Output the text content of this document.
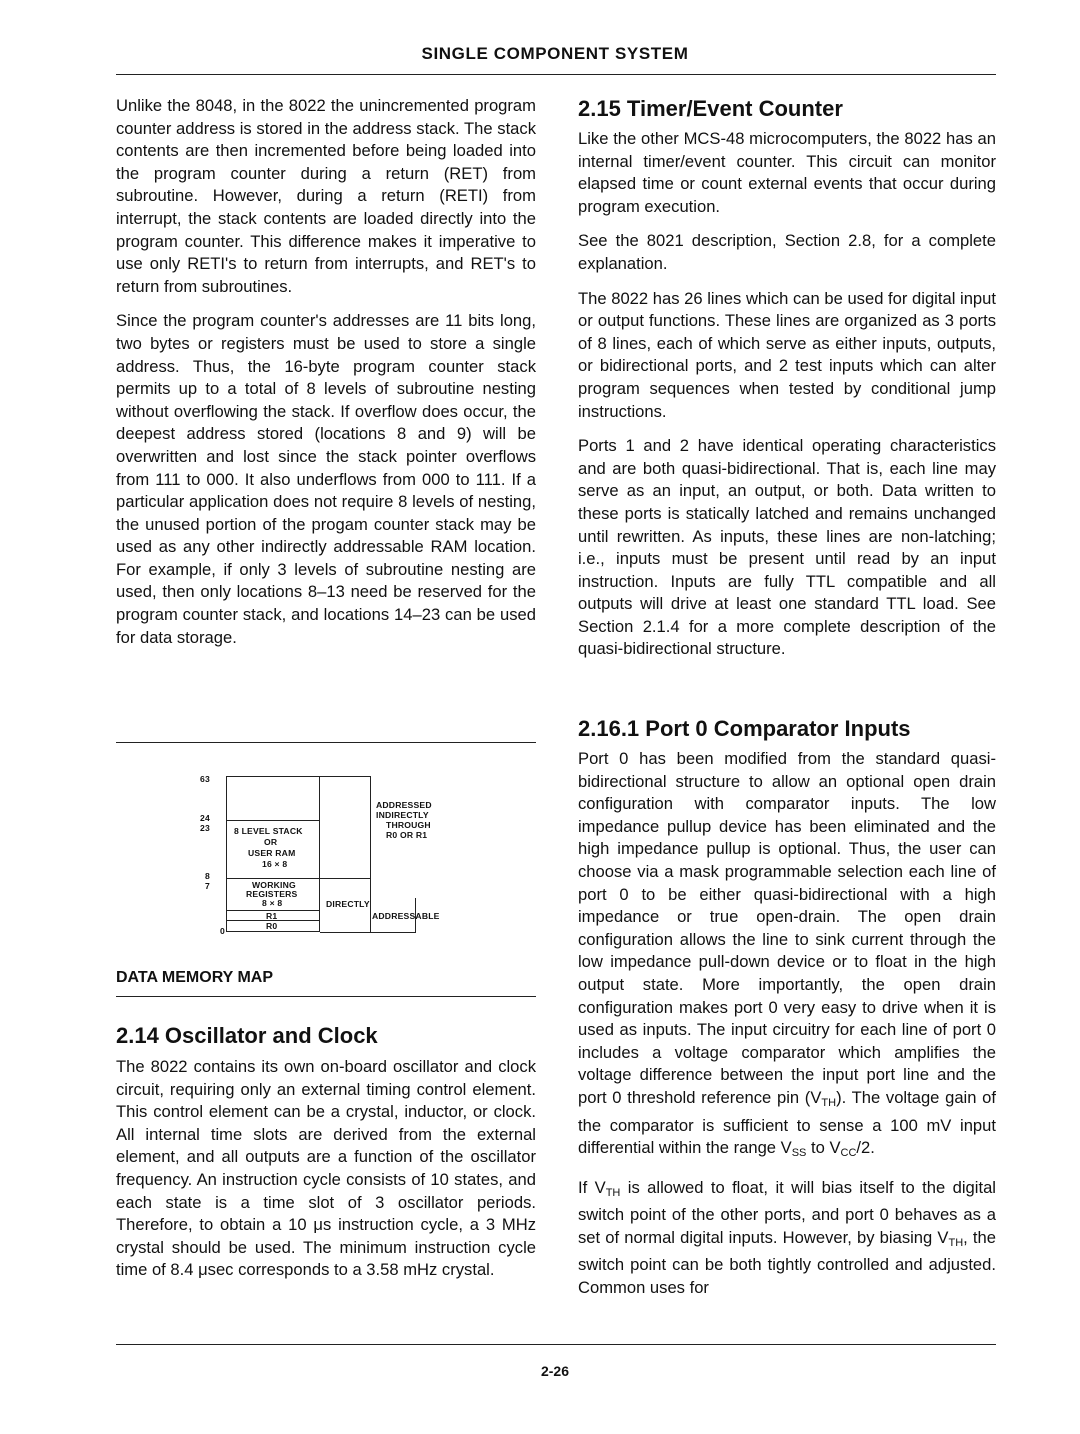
SINGLE COMPONENT SYSTEM

Unlike the 8048, in the 8022 the unincremented program counter address is stored in the address stack. The stack contents are then incremented before being loaded into the program counter during a return (RET) from subroutine. However, during a return (RETI) from interrupt, the stack contents are loaded directly into the program counter. This difference makes it imperative to use only RETI's to return from interrupts, and RET's to return from subroutines.

Since the program counter's addresses are 11 bits long, two bytes or registers must be used to store a single address. Thus, the 16-byte program counter stack permits up to a total of 8 levels of subroutine nesting without overflowing the stack. If overflow does occur, the deepest address stored (locations 8 and 9) will be overwritten and lost since the stack pointer overflows from 111 to 000. It also underflows from 000 to 111. If a particular application does not require 8 levels of nesting, the unused portion of the progam counter stack may be used as any other indirectly addressable RAM location. For example, if only 3 levels of subroutine nesting are used, then only locations 8–13 need be reserved for the program counter stack, and locations 14–23 can be used for data storage.

63
24
23
8
7
0
8 LEVEL STACK
OR
USER RAM
16 × 8
WORKING
REGISTERS
8 × 8
R1
R0
ADDRESSED
INDIRECTLY
THROUGH
R0 OR R1
DIRECTLY
ADDRESSABLE
DATA MEMORY MAP
2.14 Oscillator and Clock

The 8022 contains its own on-board oscillator and clock circuit, requiring only an external timing control element. This control element can be a crystal, inductor, or clock. All internal time slots are derived from the external element, and all outputs are a function of the oscillator frequency. An instruction cycle consists of 10 states, and each state is a time slot of 3 oscillator periods. Therefore, to obtain a 10 μs instruction cycle, a 3 MHz crystal should be used. The minimum instruction cycle time of 8.4 μsec corresponds to a 3.58 mHz crystal.

2.15 Timer/Event Counter

Like the other MCS-48 microcomputers, the 8022 has an internal timer/event counter. This circuit can monitor elapsed time or count external events that occur during program execution.

See the 8021 description, Section 2.8, for a complete explanation.

The 8022 has 26 lines which can be used for digital input or output functions. These lines are organized as 3 ports of 8 lines, each of which serve as either inputs, outputs, or bidirectional ports, and 2 test inputs which can alter program sequences when tested by conditional jump instructions.

Ports 1 and 2 have identical operating characteristics and are both quasi-bidirectional. That is, each line may serve as an input, an output, or both. Data written to these ports is statically latched and remains unchanged until rewritten. As inputs, these lines are non-latching; i.e., inputs must be present until read by an input instruction. Inputs are fully TTL compatible and all outputs will drive at least one standard TTL load. See Section 2.1.4 for a more complete description of the quasi-bidirectional structure.

2.16.1 Port 0 Comparator Inputs

Port 0 has been modified from the standard quasi-bidirectional structure to allow an optional open drain configuration with comparator inputs. The low impedance pullup device has been eliminated and the high impedance pullup is optional. Thus, the user can choose via a mask programmable selection each line of port 0 to be either quasi-bidirectional with a high impedance or true open-drain. The open drain configuration allows the line to sink current through the low impedance pull-down device or to float in the high output state. More importantly, the open drain configuration makes port 0 very easy to drive when it is used as inputs. The input circuitry for each line of port 0 includes a voltage comparator which amplifies the voltage difference between the input port line and the port 0 threshold reference pin $(V_{TH})$. The voltage gain of the comparator is sufficient to sense a 100 mV input differential within the range $V_{SS}$ to $V_{CC}/2$.

If $V_{TH}$ is allowed to float, it will bias itself to the digital switch point of the other ports, and port 0 behaves as a set of normal digital inputs. However, by biasing $V_{TH}$, the switch point can be both tightly controlled and adjusted. Common uses for

2-26
